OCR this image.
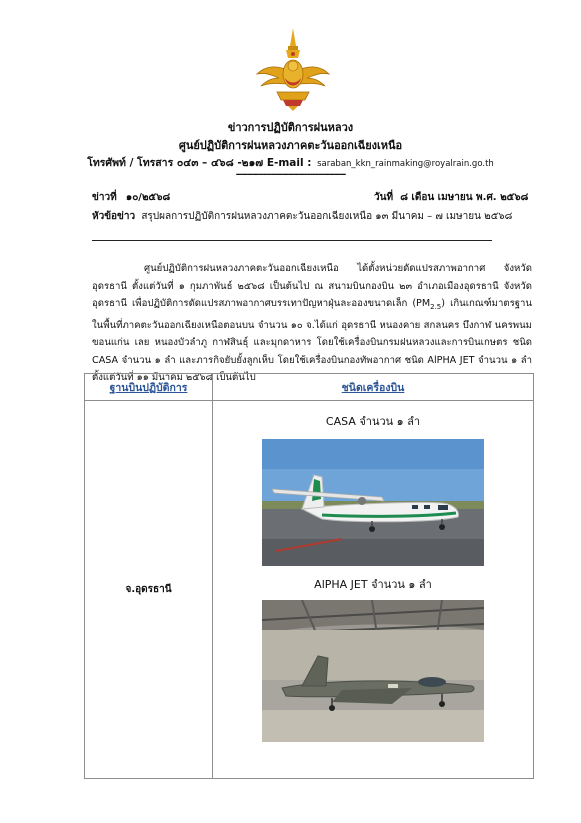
ข่าวการปฏิบัติการฝนหลวง
ศูนย์ปฏิบัติการฝนหลวงภาคตะวันออกเฉียงเหนือ
โทรศัพท์ / โทรสาร ๐๔๓ – ๔๖๘ -๒๑๗ E-mail : saraban_kkn_rainmaking@royalrain.go.th
----------------------------------------
ข่าวที่ ๑๐/๒๕๖๘	วันที่ ๘ เดือน เมษายน พ.ศ. ๒๕๖๘
หัวข้อข่าว สรุปผลการปฏิบัติการฝนหลวงภาคตะวันออกเฉียงเหนือ ๑๓ มีนาคม – ๗ เมษายน ๒๕๖๘
ศูนย์ปฏิบัติการฝนหลวงภาคตะวันออกเฉียงเหนือ ได้ตั้งหน่วยดัดแปรสภาพอากาศ จังหวัดอุดรธานี ตั้งแต่วันที่ ๑ กุมภาพันธ์ ๒๕๖๘ เป็นต้นไป ณ สนามบินกองบิน ๒๓ อำเภอเมืองอุดรธานี จังหวัดอุดรธานี เพื่อปฏิบัติการดัดแปรสภาพอากาศบรรเทาปัญหาฝุ่นละอองขนาดเล็ก $(PM_{2.5})$ เกินเกณฑ์มาตรฐานในพื้นที่ภาคตะวันออกเฉียงเหนือตอนบน จำนวน ๑๐ จ.ได้แก่ อุดรธานี หนองคาย สกลนคร บึงกาฬ นครพนม ขอนแก่น เลย หนองบัวลำภู กาฬสินธุ์ และมุกดาหาร โดยใช้เครื่องบินกรมฝนหลวงและการบินเกษตร ชนิด CASA จำนวน ๑ ลำ และภารกิจยับยั้งลูกเห็บ โดยใช้เครื่องบินกองทัพอากาศ ชนิด AlPHA JET จำนวน ๑ ลำ ตั้งแต่วันที่ ๑๑ มีนาคม ๒๕๖๘ เป็นต้นไป
ฐานบินปฏิบัติการ	ชนิดเครื่องบิน
จ.อุดรธานี	CASA จำนวน ๑ ลำ
AlPHA JET จำนวน ๑ ลำ
